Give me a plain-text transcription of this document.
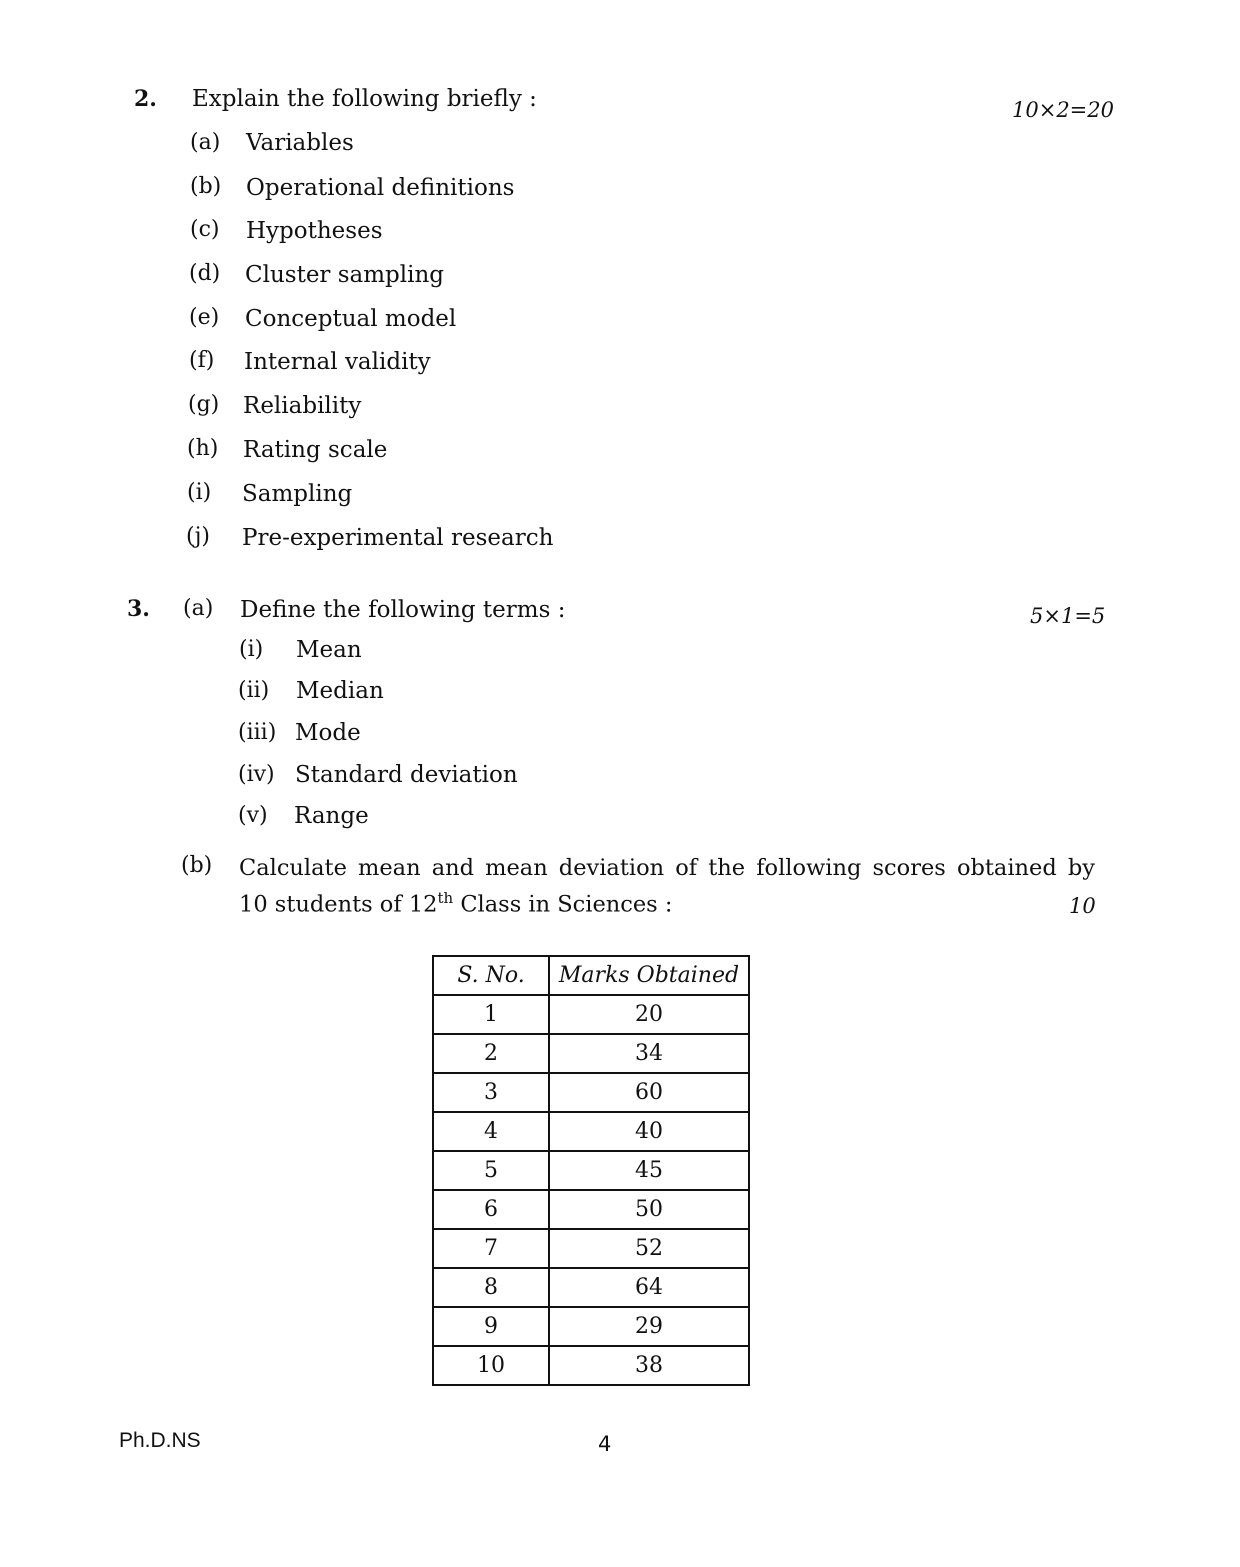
2. Explain the following briefly :	10×2=20
(a) Variables
(b) Operational definitions
(c) Hypotheses
(d) Cluster sampling
(e) Conceptual model
(f) Internal validity
(g) Reliability
(h) Rating scale
(i) Sampling
(j) Pre-experimental research
3. (a) Define the following terms :	5×1=5
(i) Mean
(ii) Median
(iii) Mode
(iv) Standard deviation
(v) Range
(b) Calculate mean and mean deviation of the following scores obtained by
10 students of 12th Class in Sciences :	10
S. No.	Marks Obtained
1	20
2	34
3	60
4	40
5	45
6	50
7	52
8	64
9	29
10	38
Ph.D.NS	4
